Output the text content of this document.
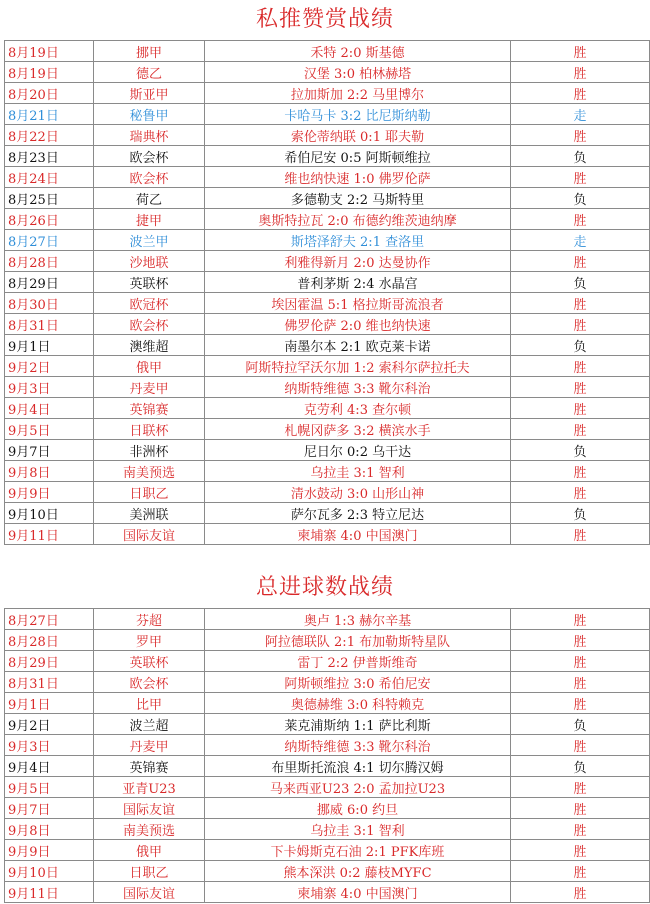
私推赞赏战绩
8月19日	挪甲	禾特 2:0 斯基德	胜
8月19日	德乙	汉堡 3:0 柏林赫塔	胜
8月20日	斯亚甲	拉加斯加 2:2 马里博尔	胜
8月21日	秘鲁甲	卡哈马卡 3:2 比尼斯纳勒	走
8月22日	瑞典杯	索伦蒂纳联 0:1 耶夫勒	胜
8月23日	欧会杯	希伯尼安 0:5 阿斯顿维拉	负
8月24日	欧会杯	维也纳快速 1:0 佛罗伦萨	胜
8月25日	荷乙	多德勒支 2:2 马斯特里	负
8月26日	捷甲	奥斯特拉瓦 2:0 布德约维茨迪纳摩	胜
8月27日	波兰甲	斯塔泽舒夫 2:1 查洛里	走
8月28日	沙地联	利雅得新月 2:0 达曼协作	胜
8月29日	英联杯	普利茅斯 2:4 水晶宫	负
8月30日	欧冠杯	埃因霍温 5:1 格拉斯哥流浪者	胜
8月31日	欧会杯	佛罗伦萨 2:0 维也纳快速	胜
9月1日	澳维超	南墨尔本 2:1 欧克莱卡诺	负
9月2日	俄甲	阿斯特拉罕沃尔加 1:2 索科尔萨拉托夫	胜
9月3日	丹麦甲	纳斯特维德 3:3 靴尔科治	胜
9月4日	英锦赛	克劳利 4:3 查尔顿	胜
9月5日	日联杯	札幌冈萨多 3:2 横滨水手	胜
9月7日	非洲杯	尼日尔 0:2 乌干达	负
9月8日	南美预选	乌拉圭 3:1 智利	胜
9月9日	日职乙	清水鼓动 3:0 山形山神	胜
9月10日	美洲联	萨尔瓦多 2:3 特立尼达	负
9月11日	国际友谊	柬埔寨 4:0 中国澳门	胜
总进球数战绩
8月27日	芬超	奥卢 1:3 赫尔辛基	胜
8月28日	罗甲	阿拉德联队 2:1 布加勒斯特星队	胜
8月29日	英联杯	雷丁 2:2 伊普斯维奇	胜
8月31日	欧会杯	阿斯顿维拉 3:0 希伯尼安	胜
9月1日	比甲	奥德赫维 3:0 科特赖克	胜
9月2日	波兰超	莱克浦斯纳 1:1 萨比利斯	负
9月3日	丹麦甲	纳斯特维德 3:3 靴尔科治	胜
9月4日	英锦赛	布里斯托流浪 4:1 切尔腾汉姆	负
9月5日	亚青U23	马来西亚U23 2:0 孟加拉U23	胜
9月7日	国际友谊	挪威 6:0 约旦	胜
9月8日	南美预选	乌拉圭 3:1 智利	胜
9月9日	俄甲	下卡姆斯克石油 2:1 PFK库班	胜
9月10日	日职乙	熊本深洪 0:2 藤枝MYFC	胜
9月11日	国际友谊	柬埔寨 4:0 中国澳门	胜
